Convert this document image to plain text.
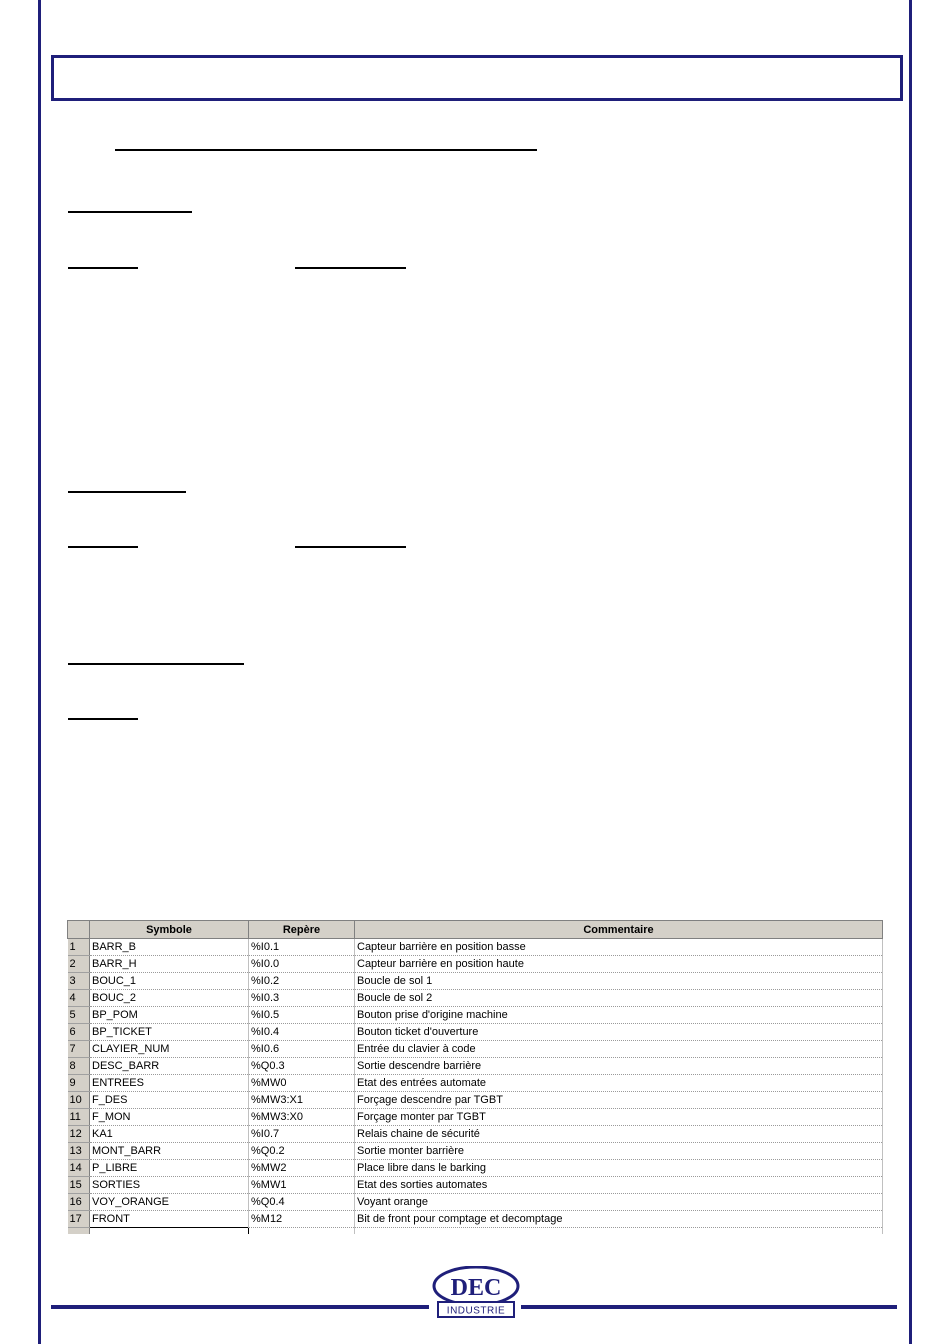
	Symbole	Repère	Commentaire
1	BARR_B	%I0.1	Capteur barrière en position basse
2	BARR_H	%I0.0	Capteur barrière en position haute
3	BOUC_1	%I0.2	Boucle de sol 1
4	BOUC_2	%I0.3	Boucle de sol 2
5	BP_POM	%I0.5	Bouton prise d'origine machine
6	BP_TICKET	%I0.4	Bouton ticket d'ouverture
7	CLAYIER_NUM	%I0.6	Entrée du clavier à code
8	DESC_BARR	%Q0.3	Sortie descendre barrière
9	ENTREES	%MW0	Etat des entrées automate
10	F_DES	%MW3:X1	Forçage descendre par TGBT
11	F_MON	%MW3:X0	Forçage monter par TGBT
12	KA1	%I0.7	Relais chaine de sécurité
13	MONT_BARR	%Q0.2	Sortie monter barrière
14	P_LIBRE	%MW2	Place libre dans le barking
15	SORTIES	%MW1	Etat des sorties automates
16	VOY_ORANGE	%Q0.4	Voyant orange
17	FRONT	%M12	Bit de front pour comptage et decomptage

DEC
INDUSTRIE
